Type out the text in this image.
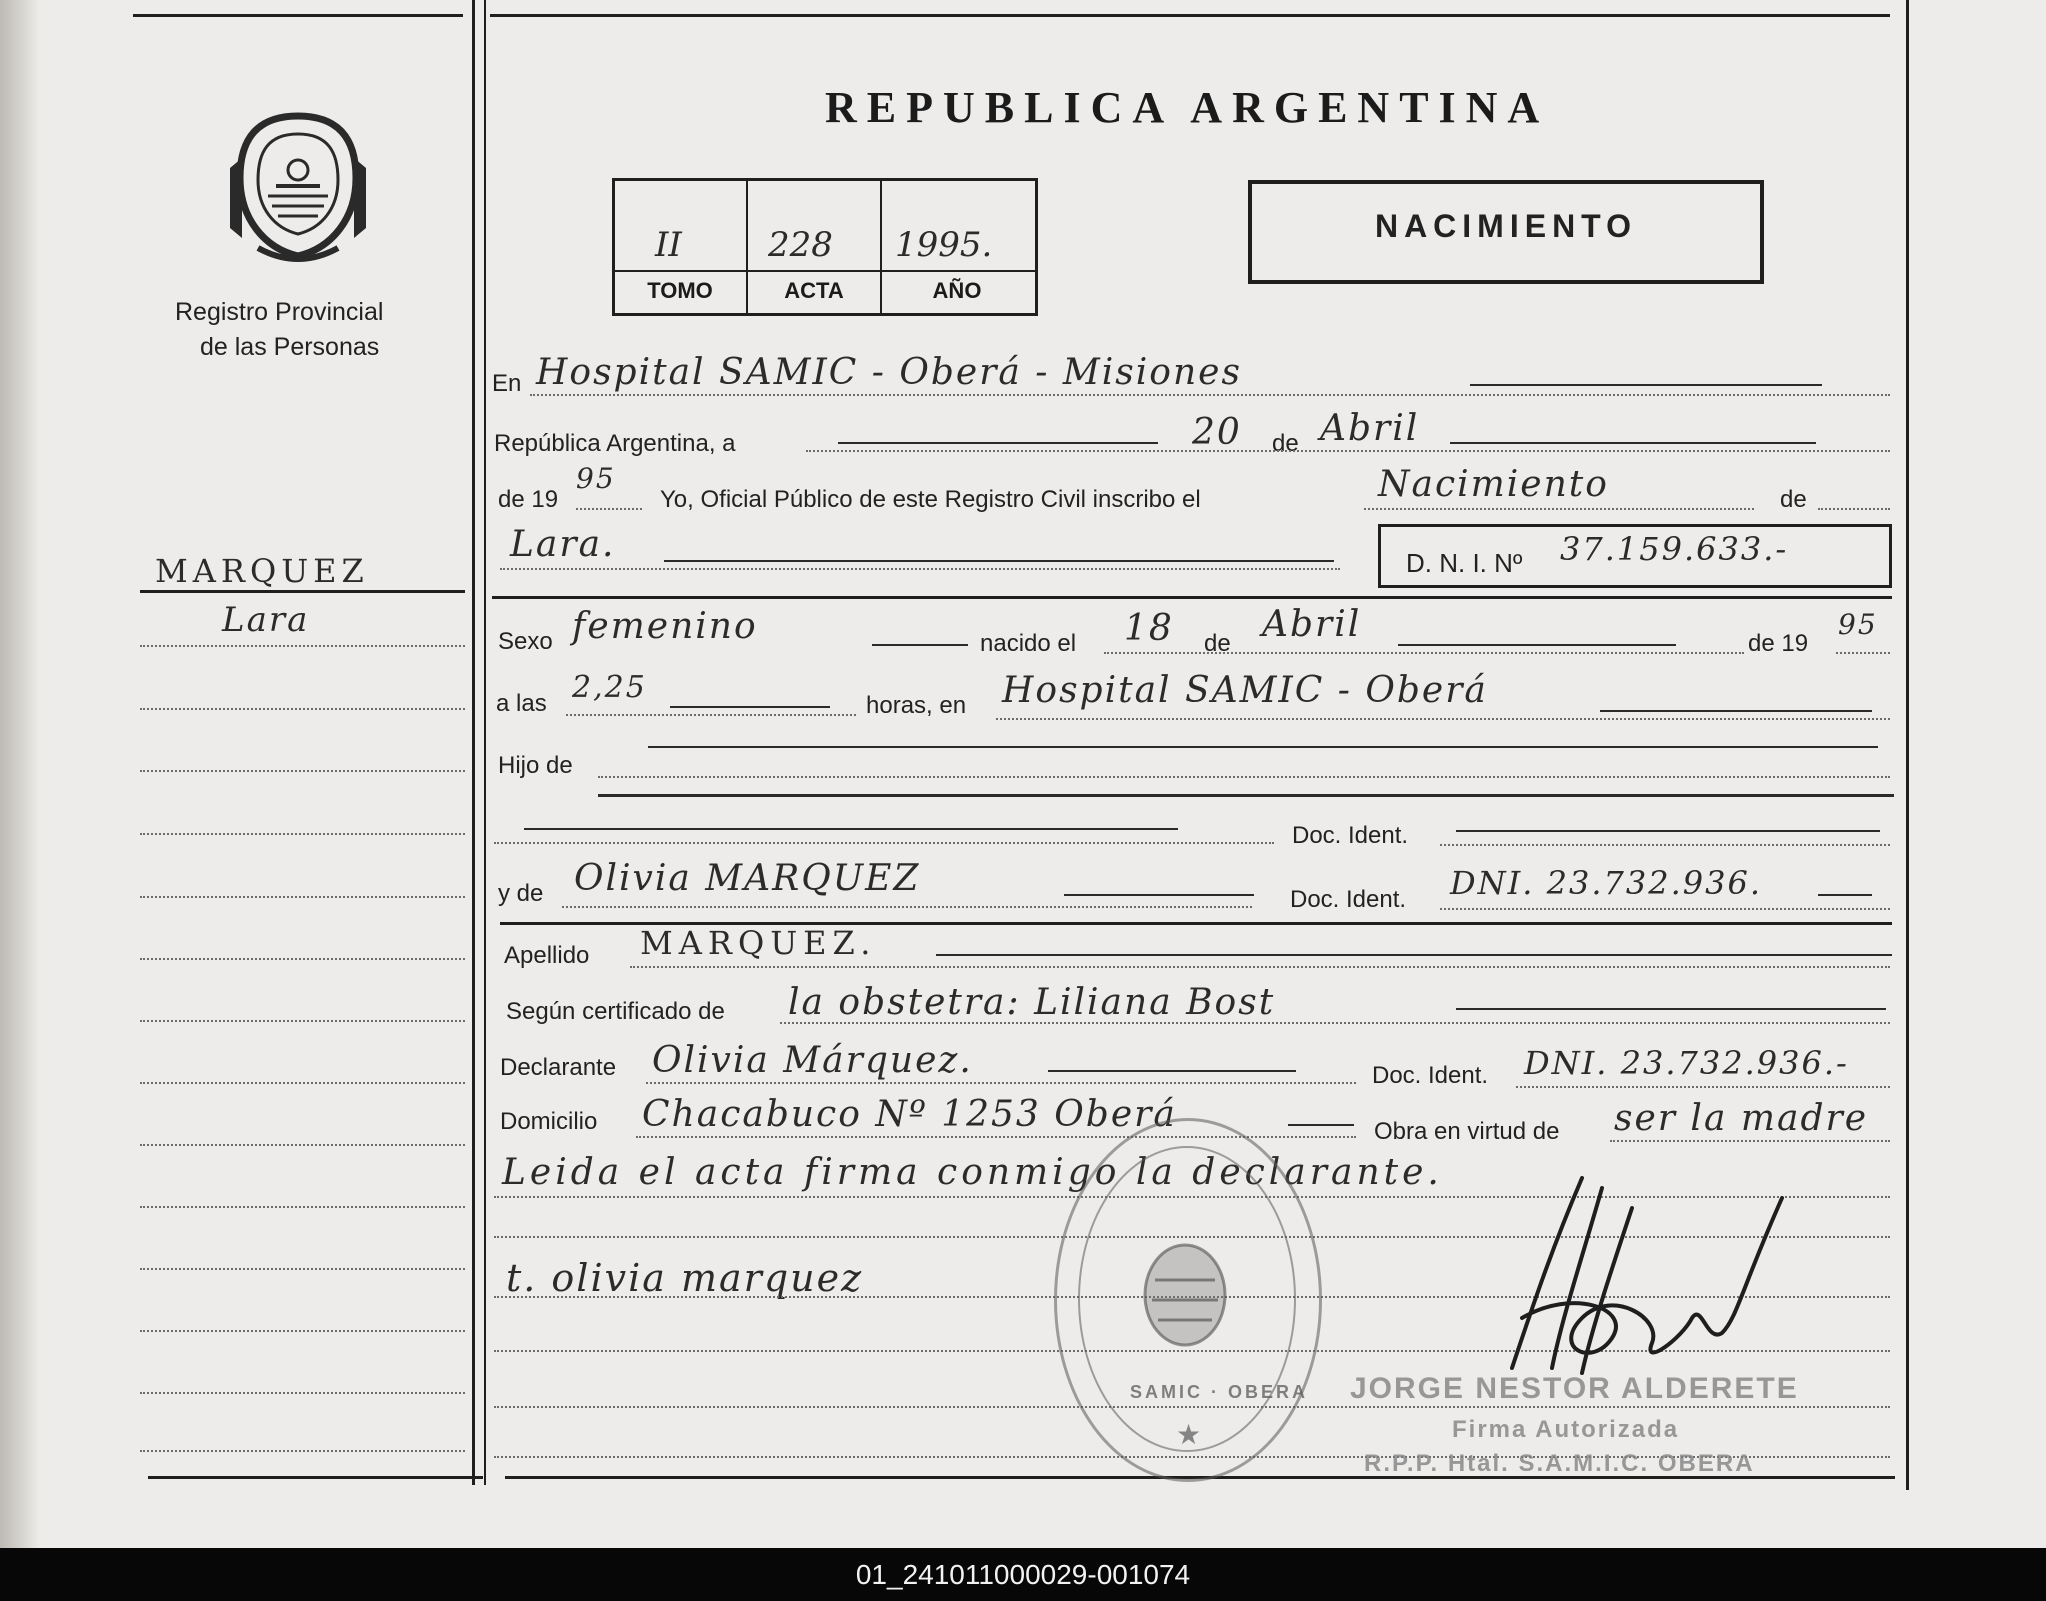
Registro Provincial
de las Personas
MARQUEZ
Lara
REPUBLICA ARGENTINA
II	228 1995.
TOMO	ACTA	AÑO
NACIMIENTO
En Hospital SAMIC - Oberá - Misiones
República Argentina, a	20 de Abril
de 19
95
Yo, Oficial Público de este Registro Civil inscribo el	Nacimiento	de
Lara.	D. N. I. Nº 37.159.633.-
Sexo femenino	nacido el 18 de Abril	de 19
95
a las 2,25
horas, en Hospital SAMIC - Oberá
Hijo de
Doc. Ident.
y de Olivia MARQUEZ
Doc. Ident. DNI. 23.732.936.
Apellido MARQUEZ.
Según certificado de la obstetra: Liliana Bost
Declarante Olivia Márquez.	Doc. Ident. DNI. 23.732.936.-
Domicilio Chacabuco Nº 1253 Oberá	Obra en virtud de ser la madre
Leida el acta firma conmigo la declarante.
t. olivia marquez
SAMIC · OBERA
★
JORGE NESTOR ALDERETE
Firma Autorizada
R.P.P. Htal. S.A.M.I.C. OBERA
01_241011000029-001074
